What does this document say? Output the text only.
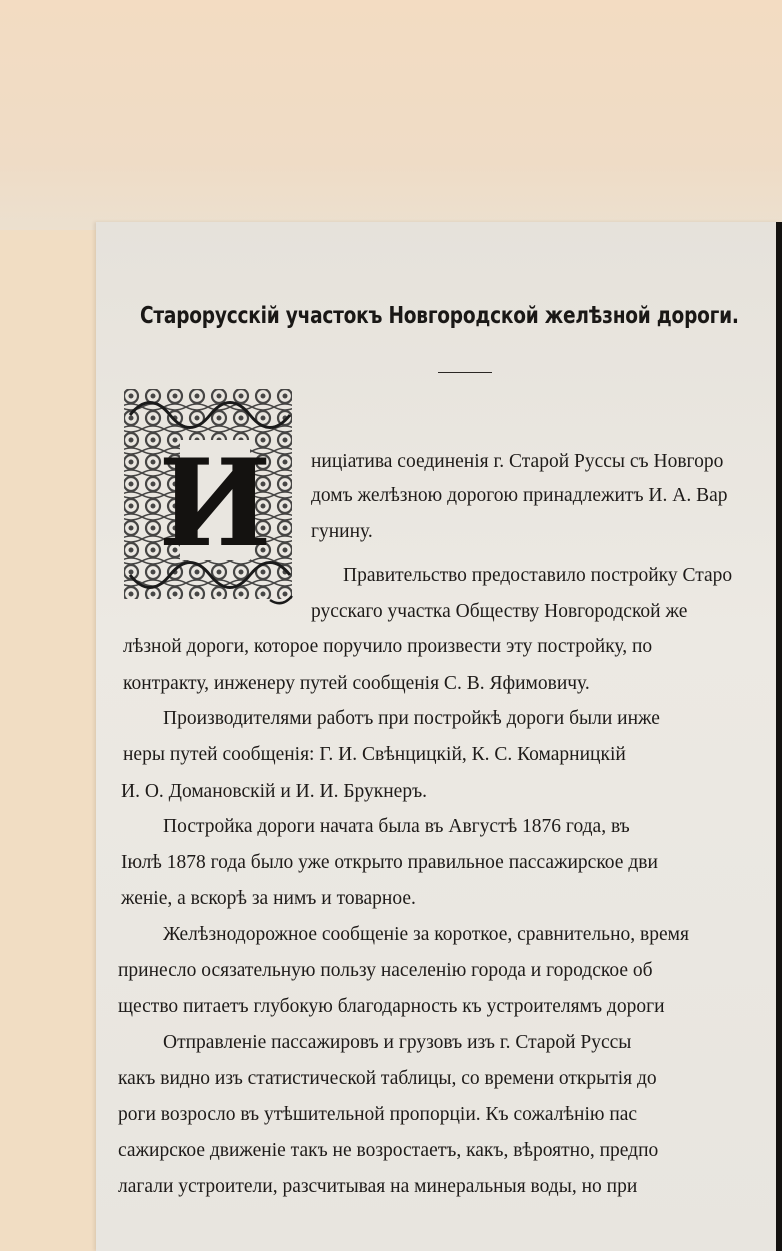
Старорусскій участокъ Новгородской желѣзной дороги.
И ниціатива соединенія г. Старой Руссы съ Новгоро
домъ желѣзною дорогою принадлежитъ И. А. Вар
гунину.
Правительство предоставило постройку Старо
русскаго участка Обществу Новгородской же
лѣзной дороги, которое поручило произвести эту постройку, по
контракту, инженеру путей сообщенія С. В. Яфимовичу.
Производителями работъ при постройкѣ дороги были инже
неры путей сообщенія: Г. И. Свѣнцицкій, К. С. Комарницкій
И. О. Домановскій и И. И. Брукнеръ.
Постройка дороги начата была въ Августѣ 1876 года, въ
Іюлѣ 1878 года было уже открыто правильное пассажирское дви
женіе, а вскорѣ за нимъ и товарное.
Желѣзнодорожное сообщеніе за короткое, сравнительно, время
принесло осязательную пользу населенію города и городское об
щество питаетъ глубокую благодарность къ устроителямъ дороги
Отправленіе пассажировъ и грузовъ изъ г. Старой Руссы
какъ видно изъ статистической таблицы, со времени открытія до
роги возросло въ утѣшительной пропорціи. Къ сожалѣнію пас
сажирское движеніе такъ не возростаетъ, какъ, вѣроятно, предпо
лагали устроители, разсчитывая на минеральныя воды, но при
